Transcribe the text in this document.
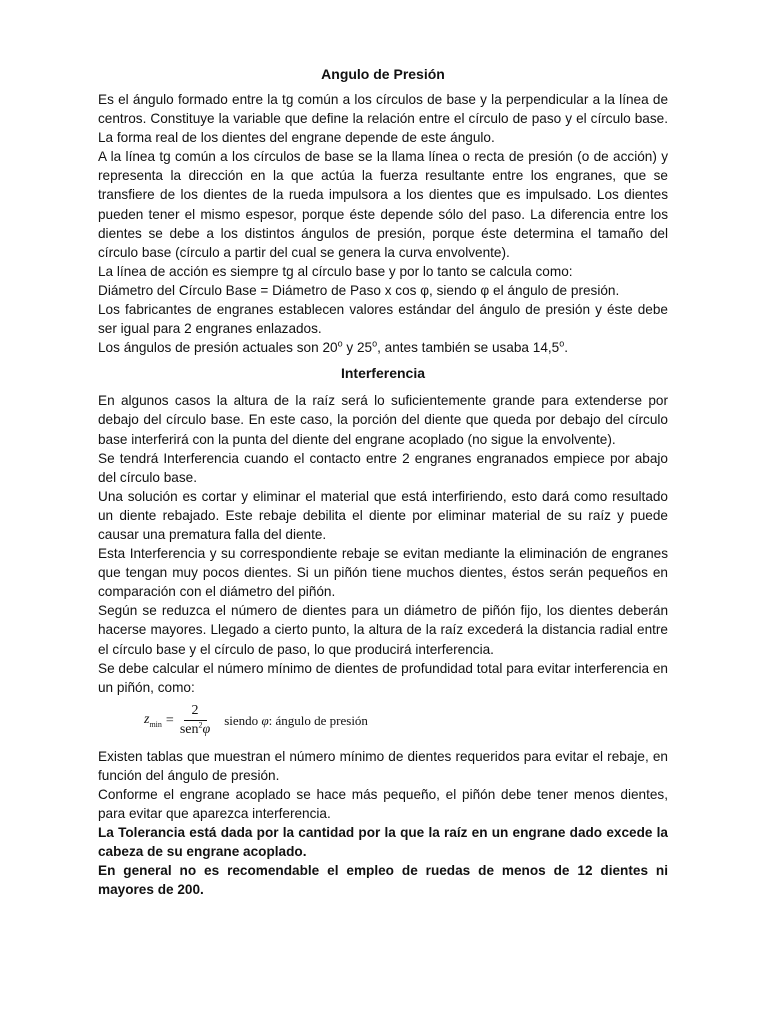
Angulo de Presión

Es el ángulo formado entre la tg común a los círculos de base y la perpendicular a la línea de centros. Constituye la variable que define la relación entre el círculo de paso y el círculo base. La forma real de los dientes del engrane depende de este ángulo.

A la línea tg común a los círculos de base se la llama línea o recta de presión (o de acción) y representa la dirección en la que actúa la fuerza resultante entre los engranes, que se transfiere de los dientes de la rueda impulsora a los dientes que es impulsado. Los dientes pueden tener el mismo espesor, porque éste depende sólo del paso. La diferencia entre los dientes se debe a los distintos ángulos de presión, porque éste determina el tamaño del círculo base (círculo a partir del cual se genera la curva envolvente).

La línea de acción es siempre tg al círculo base y por lo tanto se calcula como:

Diámetro del Círculo Base = Diámetro de Paso x cos φ, siendo φ el ángulo de presión.

Los fabricantes de engranes establecen valores estándar del ángulo de presión y éste debe ser igual para 2 engranes enlazados.

Los ángulos de presión actuales son 20$^o$ y 25$^o$, antes también se usaba 14,5$^o$.

Interferencia

En algunos casos la altura de la raíz será lo suficientemente grande para extenderse por debajo del círculo base. En este caso, la porción del diente que queda por debajo del círculo base interferirá con la punta del diente del engrane acoplado (no sigue la envolvente).

Se tendrá Interferencia cuando el contacto entre 2 engranes engranados empiece por abajo del círculo base.

Una solución es cortar y eliminar el material que está interfiriendo, esto dará como resultado un diente rebajado. Este rebaje debilita el diente por eliminar material de su raíz y puede causar una prematura falla del diente.

Esta Interferencia y su correspondiente rebaje se evitan mediante la eliminación de engranes que tengan muy pocos dientes. Si un piñón tiene muchos dientes, éstos serán pequeños en comparación con el diámetro del piñón.

Según se reduzca el número de dientes para un diámetro de piñón fijo, los dientes deberán hacerse mayores. Llegado a cierto punto, la altura de la raíz excederá la distancia radial entre el círculo base y el círculo de paso, lo que producirá interferencia.

Se debe calcular el número mínimo de dientes de profundidad total para evitar interferencia en un piñón, como:

$z_{min} = \frac{2}{sen^2\varphi}$ siendo φ: ángulo de presión

Existen tablas que muestran el número mínimo de dientes requeridos para evitar el rebaje, en función del ángulo de presión.

Conforme el engrane acoplado se hace más pequeño, el piñón debe tener menos dientes, para evitar que aparezca interferencia.

La Tolerancia está dada por la cantidad por la que la raíz en un engrane dado excede la cabeza de su engrane acoplado.

En general no es recomendable el empleo de ruedas de menos de 12 dientes ni mayores de 200.
